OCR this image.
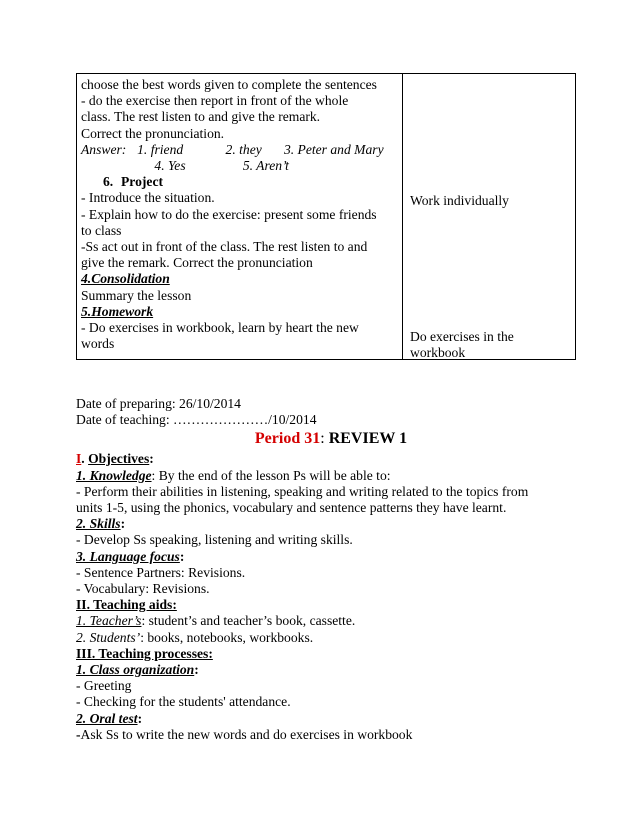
choose the best words given to complete the sentences
- do the exercise then report in front of the whole
class. The rest listen to and give the remark.
Correct the pronunciation.
Answer: 1. friend	2. they 3. Peter and Mary
4. Yes	5. Aren’t
6. Project
- Introduce the situation.
- Explain how to do the exercise: present some friends
to class
-Ss act out in front of the class. The rest listen to and
give the remark. Correct the pronunciation
4.Consolidation
Summary the lesson
5.Homework
- Do exercises in workbook, learn by heart the new
words
Work individually
Do exercises in the
workbook
Date of preparing: 26/10/2014
Date of teaching: …………………/10/2014
Period 31: REVIEW 1
I. Objectives:
1. Knowledge: By the end of the lesson Ps will be able to:
- Perform their abilities in listening, speaking and writing related to the topics from
units 1-5, using the phonics, vocabulary and sentence patterns they have learnt.
2. Skills:
- Develop Ss speaking, listening and writing skills.
3. Language focus:
- Sentence Partners: Revisions.
- Vocabulary: Revisions.
II. Teaching aids:
1. Teacher’s: student’s and teacher’s book, cassette.
2. Students’: books, notebooks, workbooks.
III. Teaching processes:
1. Class organization:
- Greeting
- Checking for the students' attendance.
2. Oral test:
-Ask Ss to write the new words and do exercises in workbook
